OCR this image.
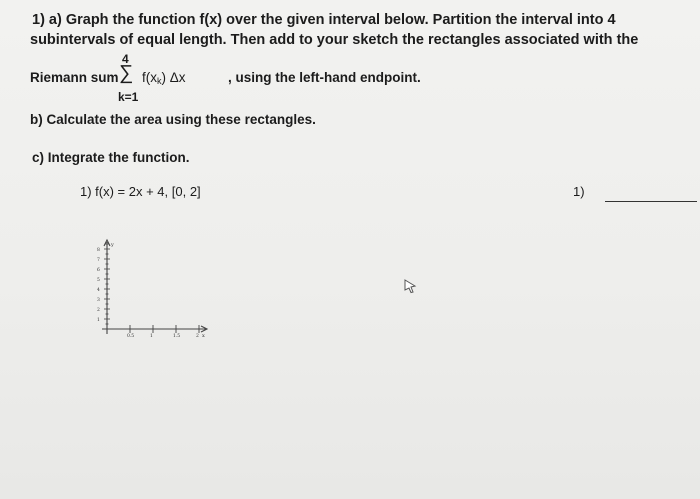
1) a) Graph the function f(x) over the given interval below. Partition the interval into 4
subintervals of equal length. Then add to your sketch the rectangles associated with the
Riemann sum
4
∑ $f(x_k)$ Δx
k=1
, using the left-hand endpoint.
b) Calculate the area using these rectangles.
c) Integrate the function.
1) f(x) = 2x + 4, [0, 2]	1)
8
7
6
5
4
3
2
1
0.5	1	1.5	2
y
x
